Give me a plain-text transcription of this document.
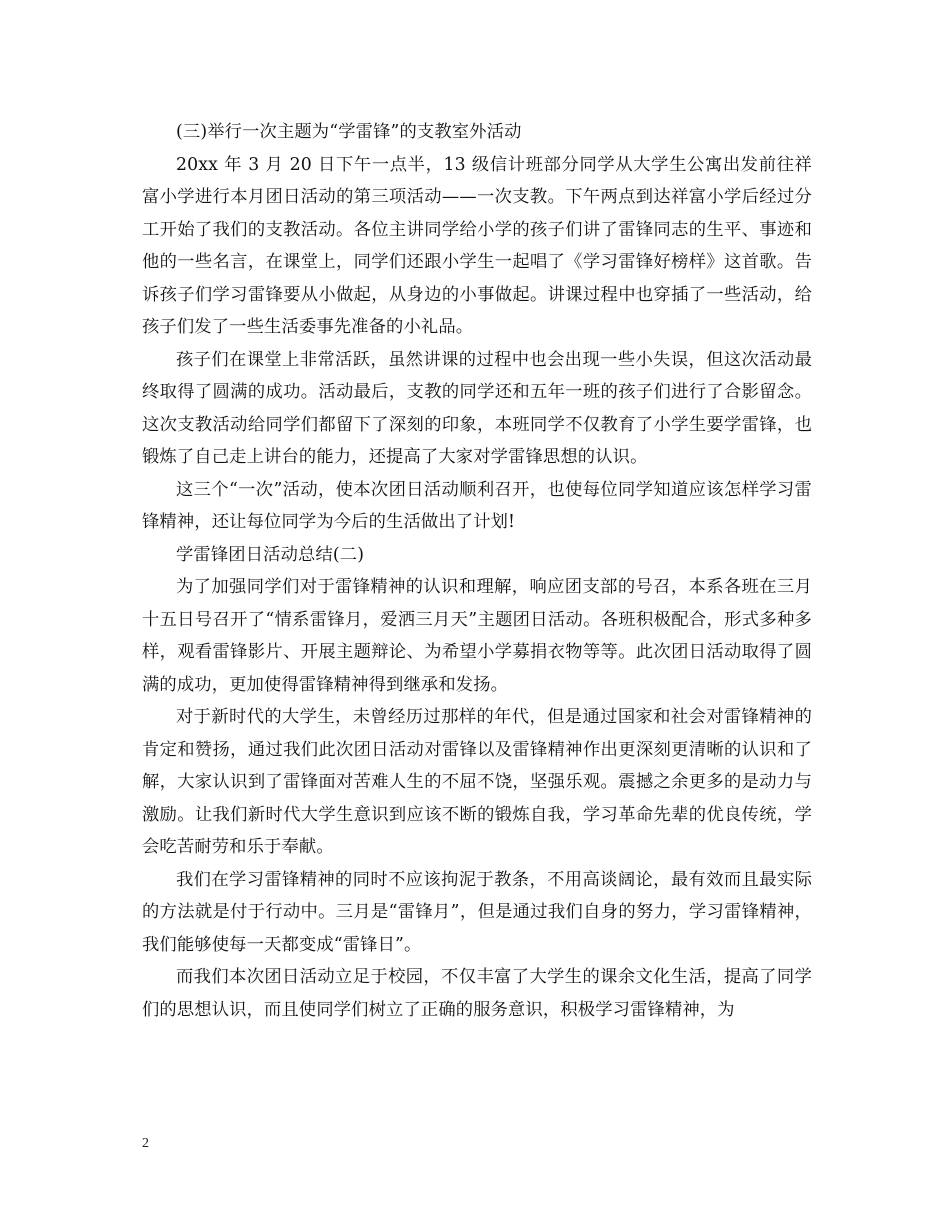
(三)举行一次主题为“学雷锋”的支教室外活动

20xx 年 3 月 20 日下午一点半，13 级信计班部分同学从大学生公寓出发前往祥富小学进行本月团日活动的第三项活动——一次支教。下午两点到达祥富小学后经过分工开始了我们的支教活动。各位主讲同学给小学的孩子们讲了雷锋同志的生平、事迹和他的一些名言，在课堂上，同学们还跟小学生一起唱了《学习雷锋好榜样》这首歌。告诉孩子们学习雷锋要从小做起，从身边的小事做起。讲课过程中也穿插了一些活动，给孩子们发了一些生活委事先准备的小礼品。

孩子们在课堂上非常活跃，虽然讲课的过程中也会出现一些小失误，但这次活动最终取得了圆满的成功。活动最后，支教的同学还和五年一班的孩子们进行了合影留念。这次支教活动给同学们都留下了深刻的印象，本班同学不仅教育了小学生要学雷锋，也锻炼了自己走上讲台的能力，还提高了大家对学雷锋思想的认识。

这三个“一次”活动，使本次团日活动顺利召开，也使每位同学知道应该怎样学习雷锋精神，还让每位同学为今后的生活做出了计划!

学雷锋团日活动总结(二)

为了加强同学们对于雷锋精神的认识和理解，响应团支部的号召，本系各班在三月十五日号召开了“情系雷锋月，爱洒三月天”主题团日活动。各班积极配合，形式多种多样，观看雷锋影片、开展主题辩论、为希望小学募捐衣物等等。此次团日活动取得了圆满的成功，更加使得雷锋精神得到继承和发扬。

对于新时代的大学生，未曾经历过那样的年代，但是通过国家和社会对雷锋精神的肯定和赞扬，通过我们此次团日活动对雷锋以及雷锋精神作出更深刻更清晰的认识和了解，大家认识到了雷锋面对苦难人生的不屈不饶，坚强乐观。震撼之余更多的是动力与激励。让我们新时代大学生意识到应该不断的锻炼自我，学习革命先辈的优良传统，学会吃苦耐劳和乐于奉献。

我们在学习雷锋精神的同时不应该拘泥于教条，不用高谈阔论，最有效而且最实际的方法就是付于行动中。三月是“雷锋月”，但是通过我们自身的努力，学习雷锋精神，我们能够使每一天都变成“雷锋日”。

而我们本次团日活动立足于校园，不仅丰富了大学生的课余文化生活，提高了同学们的思想认识，而且使同学们树立了正确的服务意识，积极学习雷锋精神，为

2
